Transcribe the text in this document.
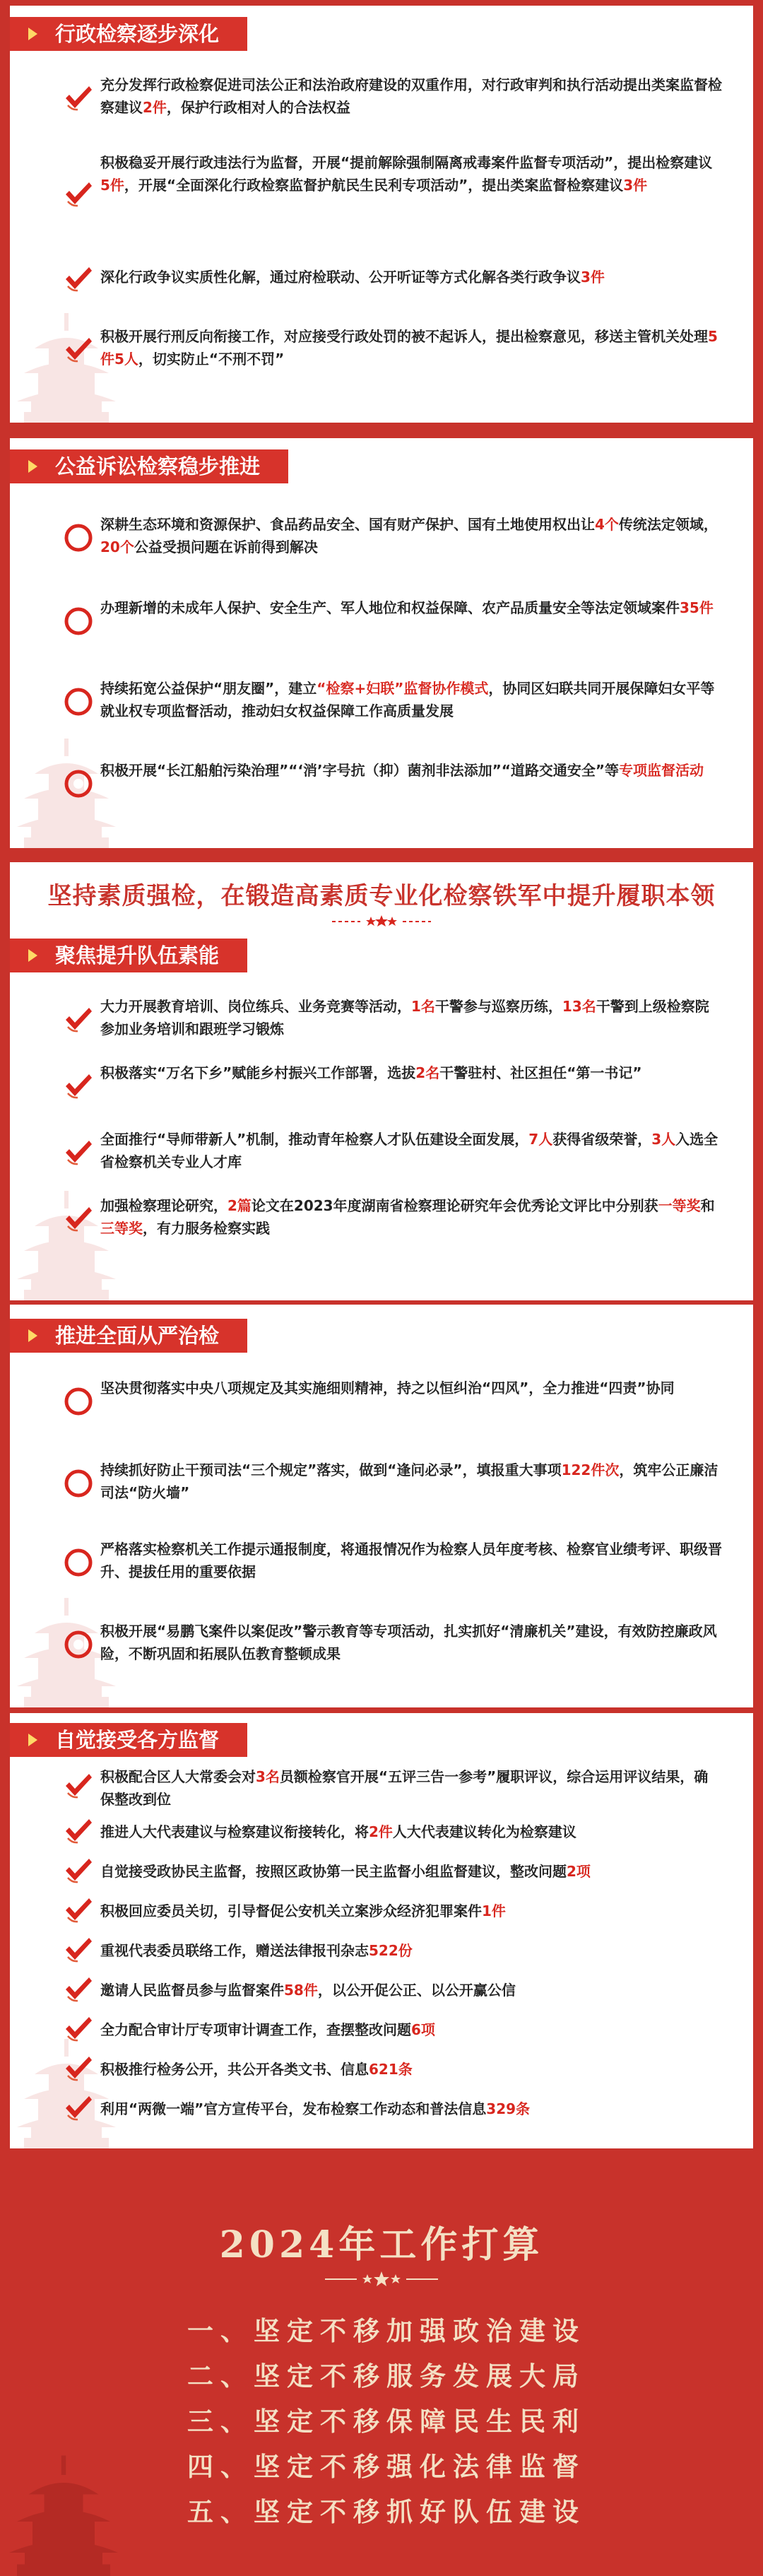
行政检察逐步深化
充分发挥行政检察促进司法公正和法治政府建设的双重作用，对行政审判和执行活动提出类案监督检察建议2件，保护行政相对人的合法权益
积极稳妥开展行政违法行为监督，开展“提前解除强制隔离戒毒案件监督专项活动”，提出检察建议5件，开展“全面深化行政检察监督护航民生民利专项活动”，提出类案监督检察建议3件
深化行政争议实质性化解，通过府检联动、公开听证等方式化解各类行政争议3件
积极开展行刑反向衔接工作，对应接受行政处罚的被不起诉人，提出检察意见，移送主管机关处理5件5人，切实防止“不刑不罚”
公益诉讼检察稳步推进
深耕生态环境和资源保护、食品药品安全、国有财产保护、国有土地使用权出让4个传统法定领域，20个公益受损问题在诉前得到解决
办理新增的未成年人保护、安全生产、军人地位和权益保障、农产品质量安全等法定领域案件35件
持续拓宽公益保护“朋友圈”，建立“检察+妇联”监督协作模式，协同区妇联共同开展保障妇女平等就业权专项监督活动，推动妇女权益保障工作高质量发展
积极开展“长江船舶污染治理”“‘消’字号抗（抑）菌剂非法添加”“道路交通安全”等专项监督活动
坚持素质强检，在锻造高素质专业化检察铁军中提升履职本领
聚焦提升队伍素能
大力开展教育培训、岗位练兵、业务竞赛等活动，1名干警参与巡察历练，13名干警到上级检察院参加业务培训和跟班学习锻炼
积极落实“万名下乡”赋能乡村振兴工作部署，选拔2名干警驻村、社区担任“第一书记”
全面推行“导师带新人”机制，推动青年检察人才队伍建设全面发展，7人获得省级荣誉，3人入选全省检察机关专业人才库
加强检察理论研究，2篇论文在2023年度湖南省检察理论研究年会优秀论文评比中分别获一等奖和三等奖，有力服务检察实践
推进全面从严治检
坚决贯彻落实中央八项规定及其实施细则精神，持之以恒纠治“四风”，全力推进“四责”协同
持续抓好防止干预司法“三个规定”落实，做到“逢问必录”，填报重大事项122件次，筑牢公正廉洁司法“防火墙”
严格落实检察机关工作提示通报制度，将通报情况作为检察人员年度考核、检察官业绩考评、职级晋升、提拔任用的重要依据
积极开展“易鹏飞案件以案促改”警示教育等专项活动，扎实抓好“清廉机关”建设，有效防控廉政风险，不断巩固和拓展队伍教育整顿成果
自觉接受各方监督
积极配合区人大常委会对3名员额检察官开展“五评三告一参考”履职评议，综合运用评议结果，确保整改到位
推进人大代表建议与检察建议衔接转化，将2件人大代表建议转化为检察建议
自觉接受政协民主监督，按照区政协第一民主监督小组监督建议，整改问题2项
积极回应委员关切，引导督促公安机关立案涉众经济犯罪案件1件
重视代表委员联络工作，赠送法律报刊杂志522份
邀请人民监督员参与监督案件58件，以公开促公正、以公开赢公信
全力配合审计厅专项审计调查工作，查摆整改问题6项
积极推行检务公开，共公开各类文书、信息621条
利用“两微一端”官方宣传平台，发布检察工作动态和普法信息329条
2024年工作打算
一、坚定不移加强政治建设
二、坚定不移服务发展大局
三、坚定不移保障民生民利
四、坚定不移强化法律监督
五、坚定不移抓好队伍建设
